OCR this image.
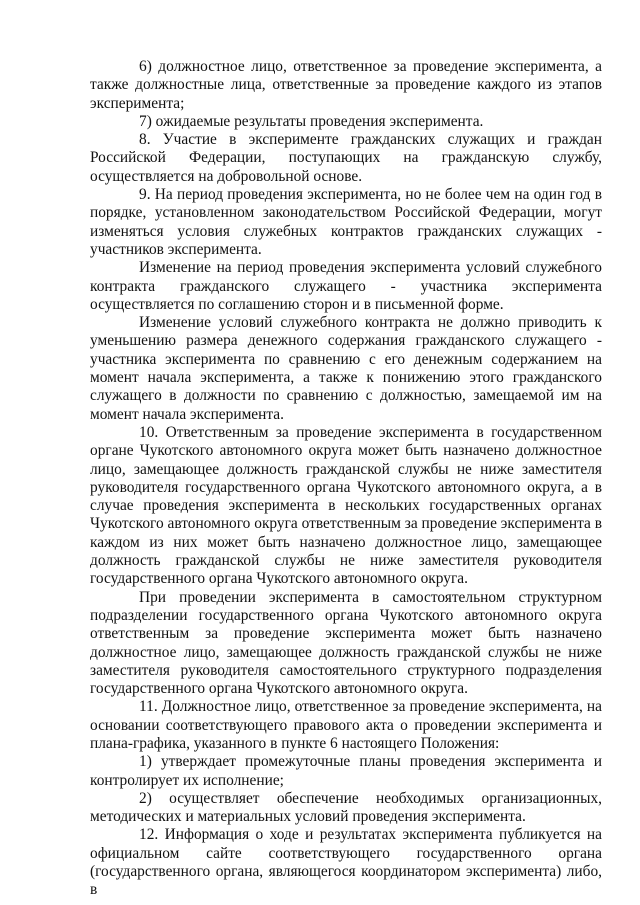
6) должностное лицо, ответственное за проведение эксперимента, а также должностные лица, ответственные за проведение каждого из этапов эксперимента;

7) ожидаемые результаты проведения эксперимента.

8. Участие в эксперименте гражданских служащих и граждан Российской Федерации, поступающих на гражданскую службу, осуществляется на добровольной основе.

9. На период проведения эксперимента, но не более чем на один год в порядке, установленном законодательством Российской Федерации, могут изменяться условия служебных контрактов гражданских служащих - участников эксперимента.

Изменение на период проведения эксперимента условий служебного контракта гражданского служащего - участника эксперимента осуществляется по соглашению сторон и в письменной форме.

Изменение условий служебного контракта не должно приводить к уменьшению размера денежного содержания гражданского служащего - участника эксперимента по сравнению с его денежным содержанием на момент начала эксперимента, а также к понижению этого гражданского служащего в должности по сравнению с должностью, замещаемой им на момент начала эксперимента.

10. Ответственным за проведение эксперимента в государственном органе Чукотского автономного округа может быть назначено должностное лицо, замещающее должность гражданской службы не ниже заместителя руководителя государственного органа Чукотского автономного округа, а в случае проведения эксперимента в нескольких государственных органах Чукотского автономного округа ответственным за проведение эксперимента в каждом из них может быть назначено должностное лицо, замещающее должность гражданской службы не ниже заместителя руководителя государственного органа Чукотского автономного округа.

При проведении эксперимента в самостоятельном структурном подразделении государственного органа Чукотского автономного округа ответственным за проведение эксперимента может быть назначено должностное лицо, замещающее должность гражданской службы не ниже заместителя руководителя самостоятельного структурного подразделения государственного органа Чукотского автономного округа.

11. Должностное лицо, ответственное за проведение эксперимента, на основании соответствующего правового акта о проведении эксперимента и плана-графика, указанного в пункте 6 настоящего Положения:

1) утверждает промежуточные планы проведения эксперимента и контролирует их исполнение;

2) осуществляет обеспечение необходимых организационных, методических и материальных условий проведения эксперимента.

12. Информация о ходе и результатах эксперимента публикуется на официальном сайте соответствующего государственного органа (государственного органа, являющегося координатором эксперимента) либо, в
